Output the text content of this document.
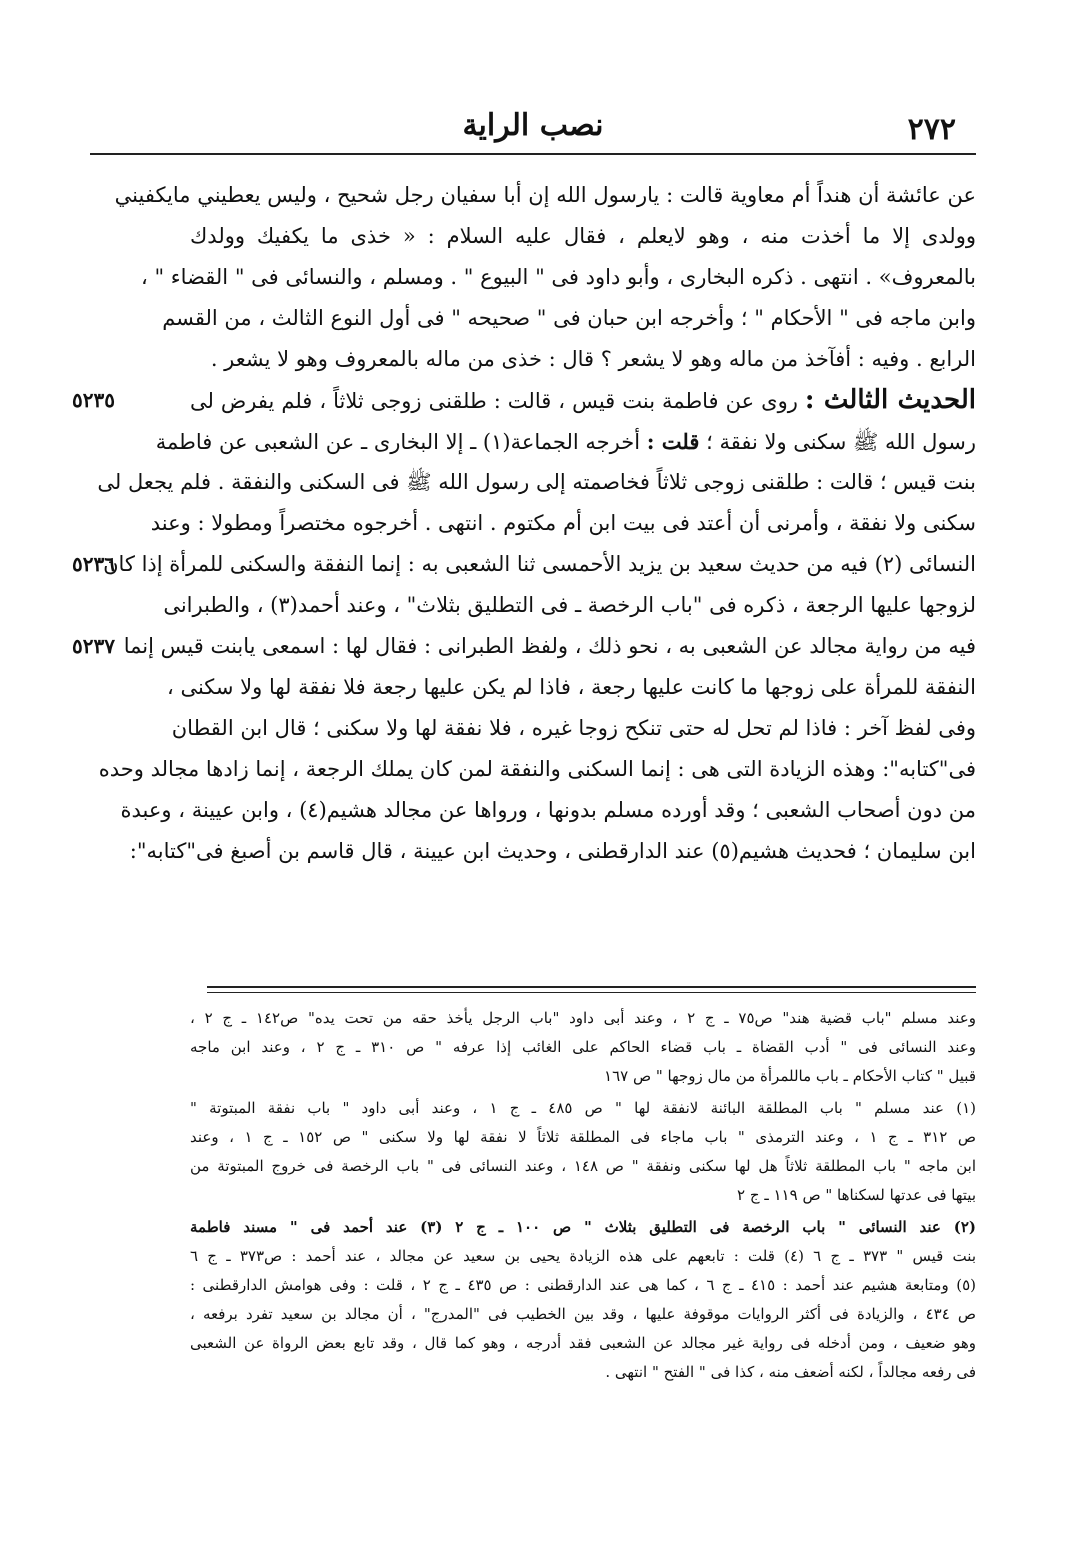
٢٧٢
نصب الراية
عن عائشة أن هنداً أم معاوية قالت : يارسول الله إن أبا سفيان رجل شحيح ، وليس يعطيني مايكفيني
وولدى إلا ما أخذت منه ، وهو لايعلم ، فقال عليه السلام : « خذى ما يكفيك وولدك
بالمعروف» . انتهى . ذكره البخارى ، وأبو داود فى " البيوع " . ومسلم ، والنسائى فى " القضاء " ،
وابن ماجه فى " الأحكام " ؛ وأخرجه ابن حبان فى " صحيحه " فى أول النوع الثالث ، من القسم
الرابع . وفيه : أفآخذ من ماله وهو لا يشعر ؟ قال : خذى من ماله بالمعروف وهو لا يشعر .
٥٢٣٥	الحديث الثالث : روى عن فاطمة بنت قيس ، قالت : طلقنى زوجى ثلاثاً ، فلم يفرض لى
رسول الله ﷺ سكنى ولا نفقة ؛ قلت : أخرجه الجماعة(١) ـ إلا البخارى ـ عن الشعبى عن فاطمة
بنت قيس ؛ قالت : طلقنى زوجى ثلاثاً فخاصمته إلى رسول الله ﷺ فى السكنى والنفقة . فلم يجعل لى
سكنى ولا نفقة ، وأمرنى أن أعتد فى بيت ابن أم مكتوم . انتهى . أخرجوه مختصراً ومطولا : وعند
٥٢٣٦
النسائى (٢) فيه من حديث سعيد بن يزيد الأحمسى ثنا الشعبى به : إنما النفقة والسكنى للمرأة إذا كان
لزوجها عليها الرجعة ، ذكره فى "باب الرخصة ـ فى التطليق بثلاث" ، وعند أحمد(٣) ، والطبرانى
٥٢٣٧ فيه من رواية مجالد عن الشعبى به ، نحو ذلك ، ولفظ الطبرانى : فقال لها : اسمعى يابنت قيس إنما
النفقة للمرأة على زوجها ما كانت عليها رجعة ، فاذا لم يكن عليها رجعة فلا نفقة لها ولا سكنى ،
وفى لفظ آخر : فاذا لم تحل له حتى تنكح زوجا غيره ، فلا نفقة لها ولا سكنى ؛ قال ابن القطان
فى"كتابه": وهذه الزيادة التى هى : إنما السكنى والنفقة لمن كان يملك الرجعة ، إنما زادها مجالد وحده
من دون أصحاب الشعبى ؛ وقد أورده مسلم بدونها ، ورواها عن مجالد هشيم(٤) ، وابن عيينة ، وعبدة
ابن سليمان ؛ فحديث هشيم(٥) عند الدارقطنى ، وحديث ابن عيينة ، قال قاسم بن أصبغ فى"كتابه":
وعند مسلم "باب قضية هند" ص٧٥ ـ ج ٢ ، وعند أبى داود "باب الرجل يأخذ حقه من تحت يده" ص١٤٢ ـ ج ٢ ،
وعند النسائى فى " أدب القضاة ـ باب قضاء الحاكم على الغائب إذا عرفه " ص ٣١٠ ـ ج ٢ ، وعند ابن ماجه
قبيل " كتاب الأحكام ـ باب ماللمرأة من مال زوجها " ص ١٦٧
(١) عند مسلم " باب المطلقة البائنة لانفقة لها " ص ٤٨٥ ـ ج ١ ، وعند أبى داود " باب نفقة المبتوتة "
ص ٣١٢ ـ ج ١ ، وعند الترمذى " باب ماجاء فى المطلقة ثلاثاً لا نفقة لها ولا سكنى " ص ١٥٢ ـ ج ١ ، وعند
ابن ماجه " باب المطلقة ثلاثاً هل لها سكنى ونفقة " ص ١٤٨ ، وعند النسائى فى " باب الرخصة فى خروج المبتوتة من
بيتها فى عدتها لسكناها " ص ١١٩ ـ ج ٢
(٢) عند النسائى " باب الرخصة فى التطليق بثلاث " ص ١٠٠ ـ ج ٢ (٣) عند أحمد فى " مسند فاطمة
بنت قيس " ٣٧٣ ـ ج ٦ (٤) قلت : تابعهم على هذه الزيادة يحيى بن سعيد عن مجالد ، عند أحمد : ص٣٧٣ ـ ج ٦
(٥) ومتابعة هشيم عند أحمد : ٤١٥ ـ ج ٦ ، كما هى عند الدارقطنى : ص ٤٣٥ ـ ج ٢ ، قلت : وفى هوامش الدارقطنى :
ص ٤٣٤ ، والزيادة فى أكثر الروايات موقوفة عليها ، وقد بين الخطيب فى "المدرج" ، أن مجالد بن سعيد تفرد برفعه ،
وهو ضعيف ، ومن أدخله فى رواية غير مجالد عن الشعبى فقد أدرجه ، وهو كما قال ، وقد تابع بعض الرواة عن الشعبى
فى رفعه مجالداً ، لكنه أضعف منه ، كذا فى " الفتح " انتهى .
